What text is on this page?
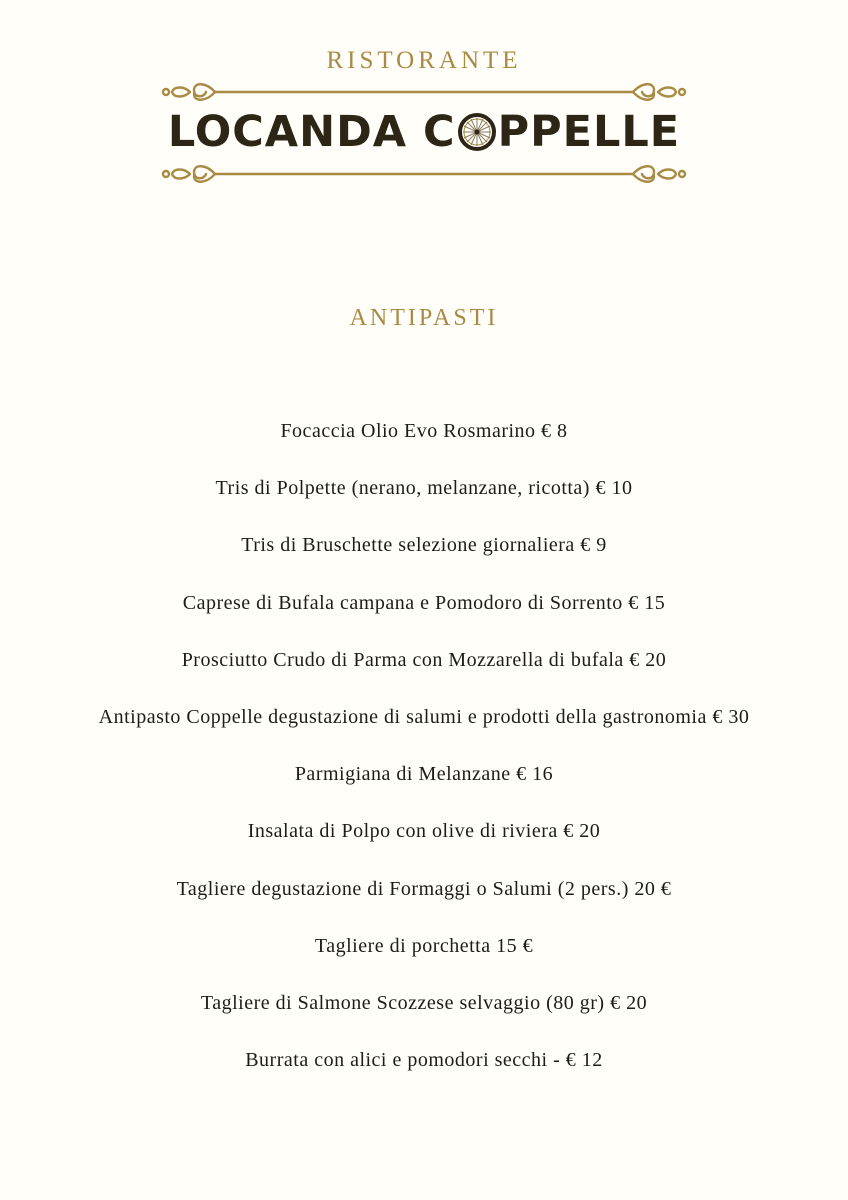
RISTORANTE
LOCANDA C PPELLE
ANTIPASTI
Focaccia Olio Evo Rosmarino € 8
Tris di Polpette (nerano, melanzane, ricotta) € 10
Tris di Bruschette selezione giornaliera € 9
Caprese di Bufala campana e Pomodoro di Sorrento € 15
Prosciutto Crudo di Parma con Mozzarella di bufala € 20
Antipasto Coppelle degustazione di salumi e prodotti della gastronomia € 30
Parmigiana di Melanzane € 16
Insalata di Polpo con olive di riviera € 20
Tagliere degustazione di Formaggi o Salumi (2 pers.) 20 €
Tagliere di porchetta 15 €
Tagliere di Salmone Scozzese selvaggio (80 gr) € 20
Burrata con alici e pomodori secchi - € 12
